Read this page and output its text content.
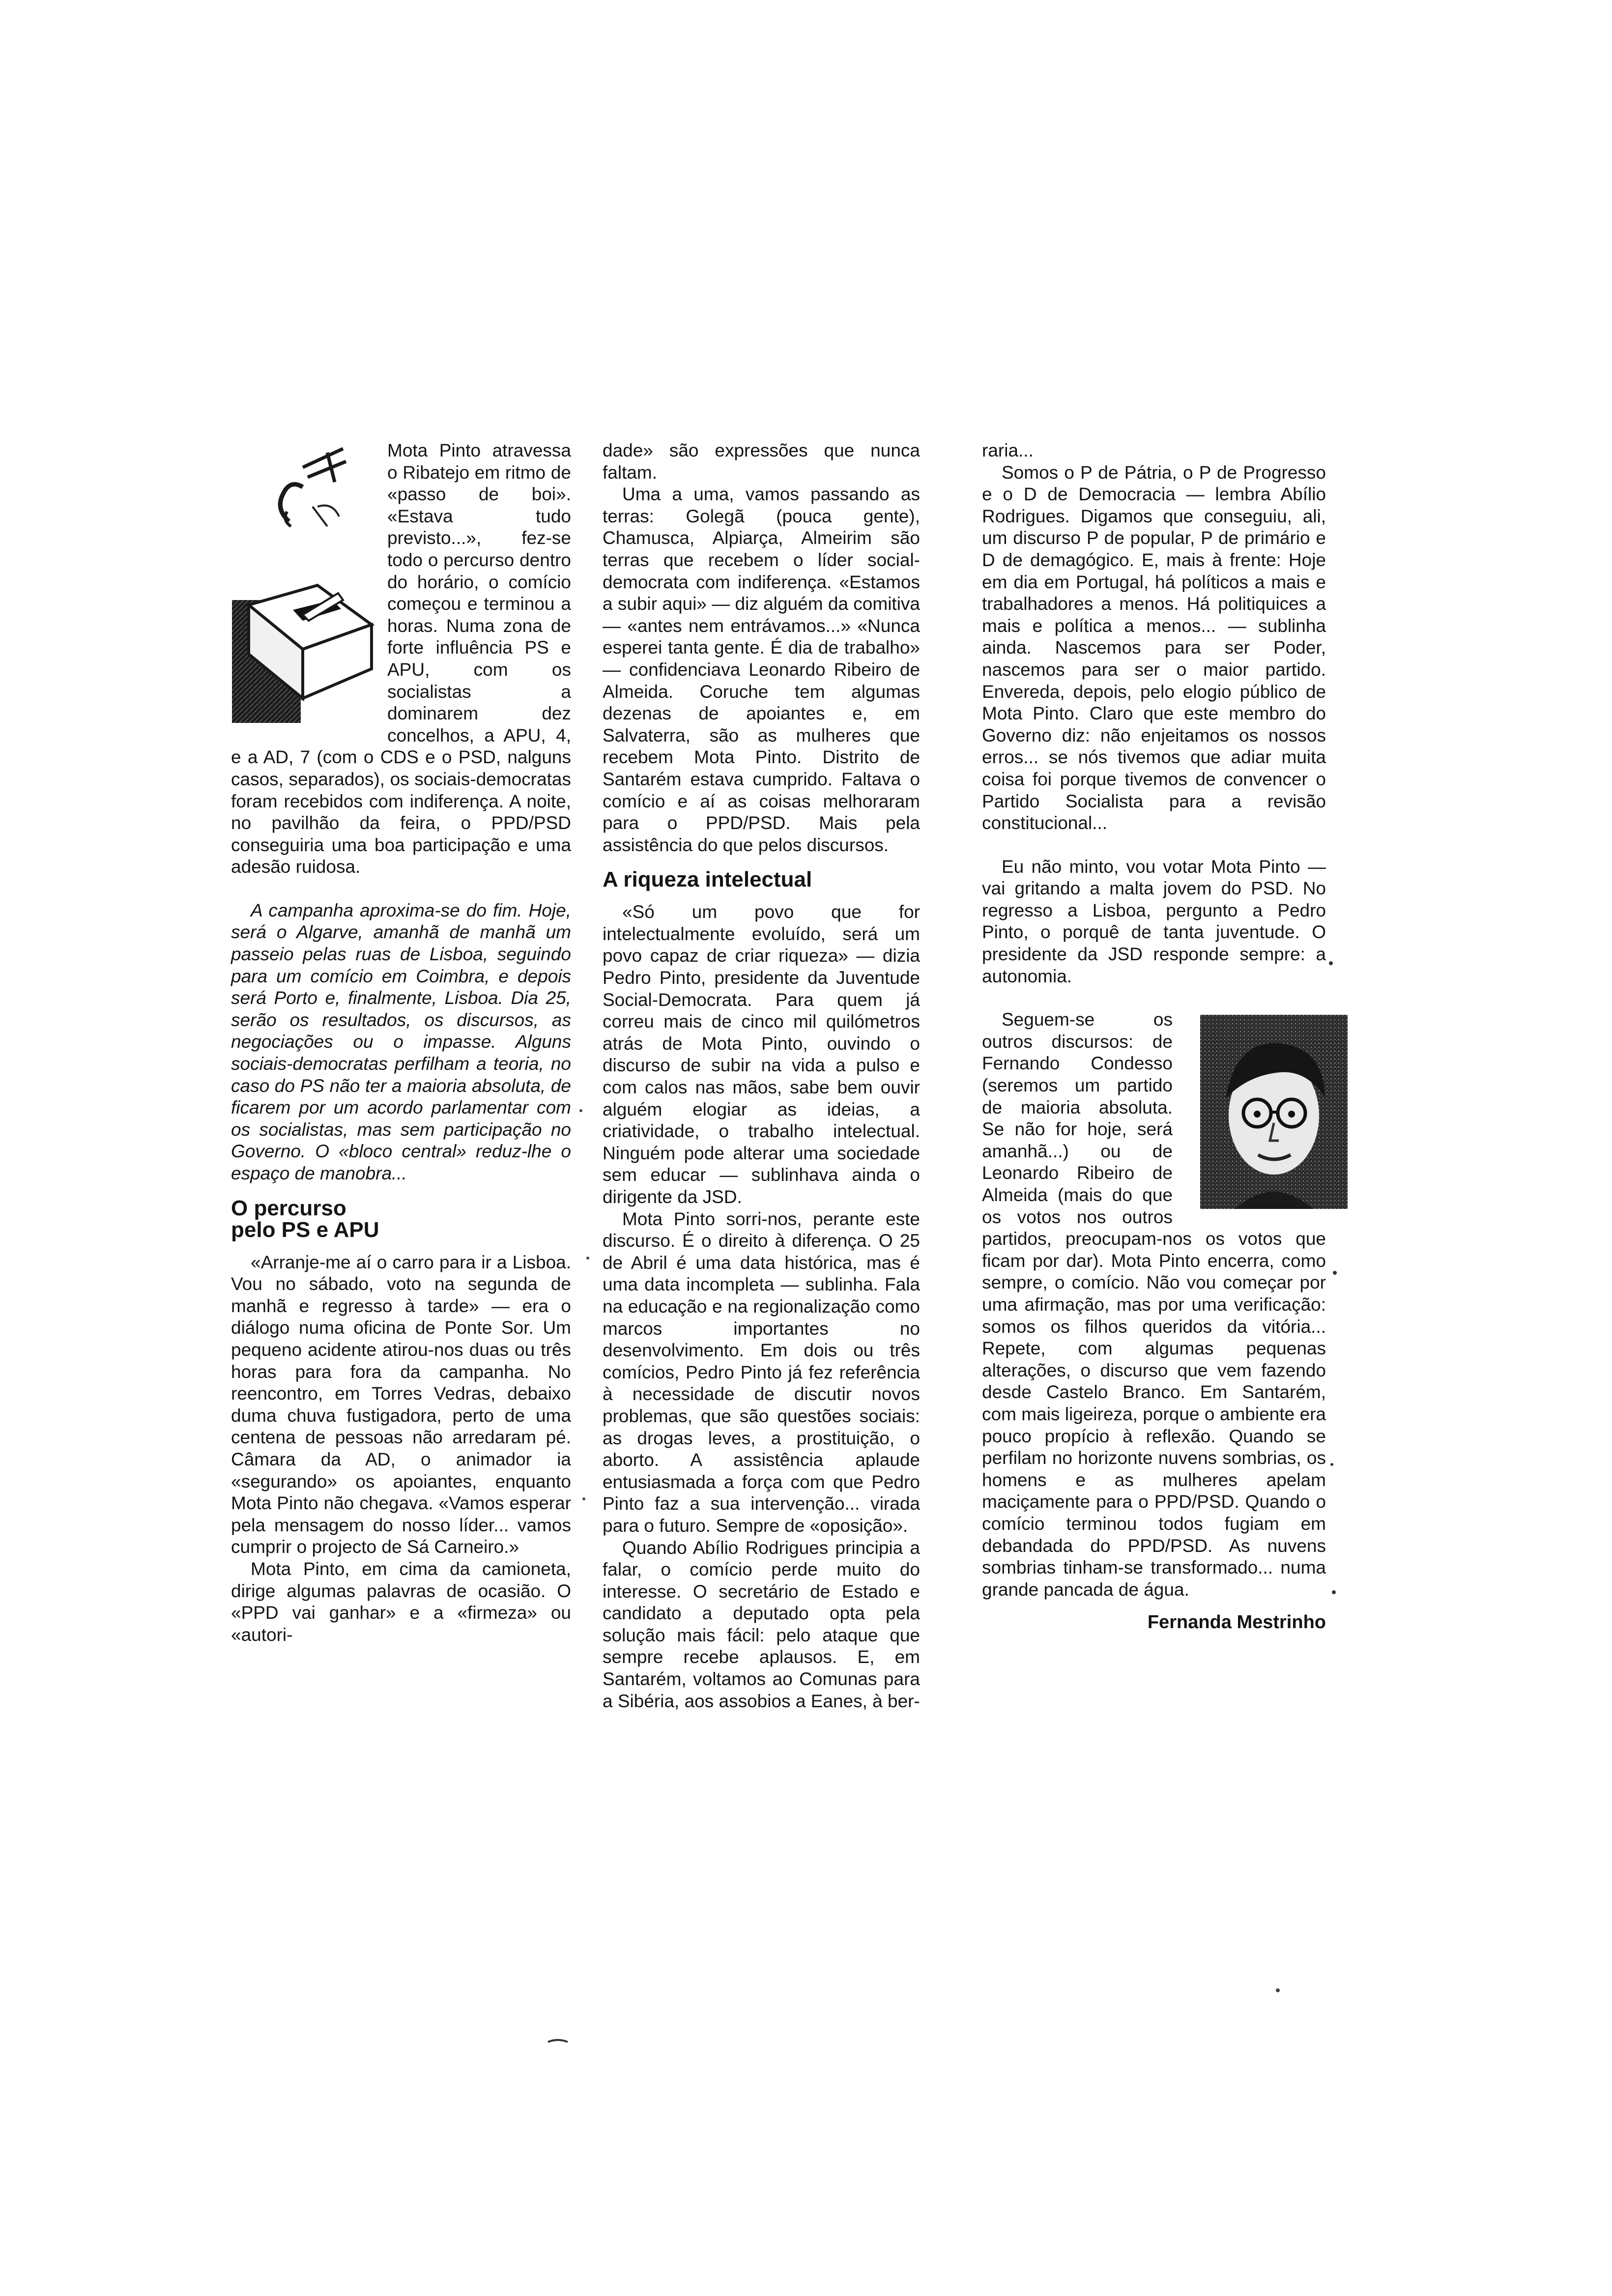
Mota Pinto atravessa o Ribatejo em ritmo de «passo de boi». «Estava tudo previsto...», fez-se todo o percurso dentro do horário, o comício começou e terminou a horas. Numa zona de forte influência PS e APU, com os socialistas a dominarem dez concelhos, a APU, 4, e a AD, 7 (com o CDS e o PSD, nalguns casos, separados), os sociais-democratas foram recebidos com indiferença. A noite, no pavilhão da feira, o PPD/PSD conseguiria uma boa participação e uma adesão ruidosa.

A campanha aproxima-se do fim. Hoje, será o Algarve, amanhã de manhã um passeio pelas ruas de Lisboa, seguindo para um comício em Coimbra, e depois será Porto e, finalmente, Lisboa. Dia 25, serão os resultados, os discursos, as negociações ou o impasse. Alguns sociais-democratas perfilham a teoria, no caso do PS não ter a maioria absoluta, de ficarem por um acordo parlamentar com os socialistas, mas sem participação no Governo. O «bloco central» reduz-lhe o espaço de manobra...

O percurso
pelo PS e APU

«Arranje-me aí o carro para ir a Lisboa. Vou no sábado, voto na segunda de manhã e regresso à tarde» — era o diálogo numa oficina de Ponte Sor. Um pequeno acidente atirou-nos duas ou três horas para fora da campanha. No reencontro, em Torres Vedras, debaixo duma chuva fustigadora, perto de uma centena de pessoas não arredaram pé. Câmara da AD, o animador ia «segurando» os apoiantes, enquanto Mota Pinto não chegava. «Vamos esperar pela mensagem do nosso líder... vamos cumprir o projecto de Sá Carneiro.»

Mota Pinto, em cima da camioneta, dirige algumas palavras de ocasião. O «PPD vai ganhar» e a «firmeza» ou «autori-

dade» são expressões que nunca faltam.

Uma a uma, vamos passando as terras: Golegã (pouca gente), Chamusca, Alpiarça, Almeirim são terras que recebem o líder social-democrata com indiferença. «Estamos a subir aqui» — diz alguém da comitiva — «antes nem entrávamos...» «Nunca esperei tanta gente. É dia de trabalho» — confidenciava Leonardo Ribeiro de Almeida. Coruche tem algumas dezenas de apoiantes e, em Salvaterra, são as mulheres que recebem Mota Pinto. Distrito de Santarém estava cumprido. Faltava o comício e aí as coisas melhoraram para o PPD/PSD. Mais pela assistência do que pelos discursos.

A riqueza intelectual

«Só um povo que for intelectualmente evoluído, será um povo capaz de criar riqueza» — dizia Pedro Pinto, presidente da Juventude Social-Democrata. Para quem já correu mais de cinco mil quilómetros atrás de Mota Pinto, ouvindo o discurso de subir na vida a pulso e com calos nas mãos, sabe bem ouvir alguém elogiar as ideias, a criatividade, o trabalho intelectual. Ninguém pode alterar uma sociedade sem educar — sublinhava ainda o dirigente da JSD.

Mota Pinto sorri-nos, perante este discurso. É o direito à diferença. O 25 de Abril é uma data histórica, mas é uma data incompleta — sublinha. Fala na educação e na regionalização como marcos importantes no desenvolvimento. Em dois ou três comícios, Pedro Pinto já fez referência à necessidade de discutir novos problemas, que são questões sociais: as drogas leves, a prostituição, o aborto. A assistência aplaude entusiasmada a força com que Pedro Pinto faz a sua intervenção... virada para o futuro. Sempre de «oposição».

Quando Abílio Rodrigues principia a falar, o comício perde muito do interesse. O secretário de Estado e candidato a deputado opta pela solução mais fácil: pelo ataque que sempre recebe aplausos. E, em Santarém, voltamos ao Comunas para a Sibéria, aos assobios a Eanes, à ber-

raria...

Somos o P de Pátria, o P de Progresso e o D de Democracia — lembra Abílio Rodrigues. Digamos que conseguiu, ali, um discurso P de popular, P de primário e D de demagógico. E, mais à frente: Hoje em dia em Portugal, há políticos a mais e trabalhadores a menos. Há politiquices a mais e política a menos... — sublinha ainda. Nascemos para ser Poder, nascemos para ser o maior partido. Enveredа, depois, pelo elogio público de Mota Pinto. Claro que este membro do Governo diz: não enjeitamos os nossos erros... se nós tivemos que adiar muita coisa foi porque tivemos de convencer o Partido Socialista para a revisão constitucional...

Eu não minto, vou votar Mota Pinto — vai gritando a malta jovem do PSD. No regresso a Lisboa, pergunto a Pedro Pinto, o porquê de tanta juventude. O presidente da JSD responde sempre: a autonomia.

Seguem-se os outros discursos: de Fernando Condesso (seremos um partido de maioria absoluta. Se não for hoje, será amanhã...) ou de Leonardo Ribeiro de Almeida (mais do que os votos nos outros partidos, preocupam-nos os votos que ficam por dar). Mota Pinto encerra, como sempre, o comício. Não vou começar por uma afirmação, mas por uma verificação: somos os filhos queridos da vitória... Repete, com algumas pequenas alterações, o discurso que vem fazendo desde Castelo Branco. Em Santarém, com mais ligeireza, porque o ambiente era pouco propício à reflexão. Quando se perfilam no horizonte nuvens sombrias, os homens e as mulheres apelam maciçamente para o PPD/PSD. Quando o comício terminou todos fugiam em debandada do PPD/PSD. As nuvens sombrias tinham-se transformado... numa grande pancada de água.

Fernanda Mestrinho
